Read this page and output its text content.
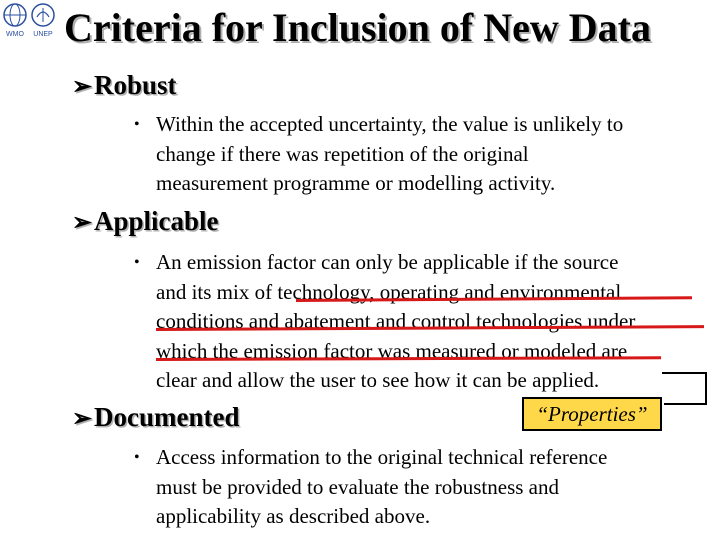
WMO UNEP Criteria for Inclusion of New Data
➢Robust
• Within the accepted uncertainty, the value is unlikely to
change if there was repetition of the original
measurement programme or modelling activity.
➢Applicable
• An emission factor can only be applicable if the source
and its mix of technology, operating and environmental
conditions and abatement and control technologies under
which the emission factor was measured or modeled are
clear and allow the user to see how it can be applied.
➢Documented	“Properties”
• Access information to the original technical reference
must be provided to evaluate the robustness and
applicability as described above.
